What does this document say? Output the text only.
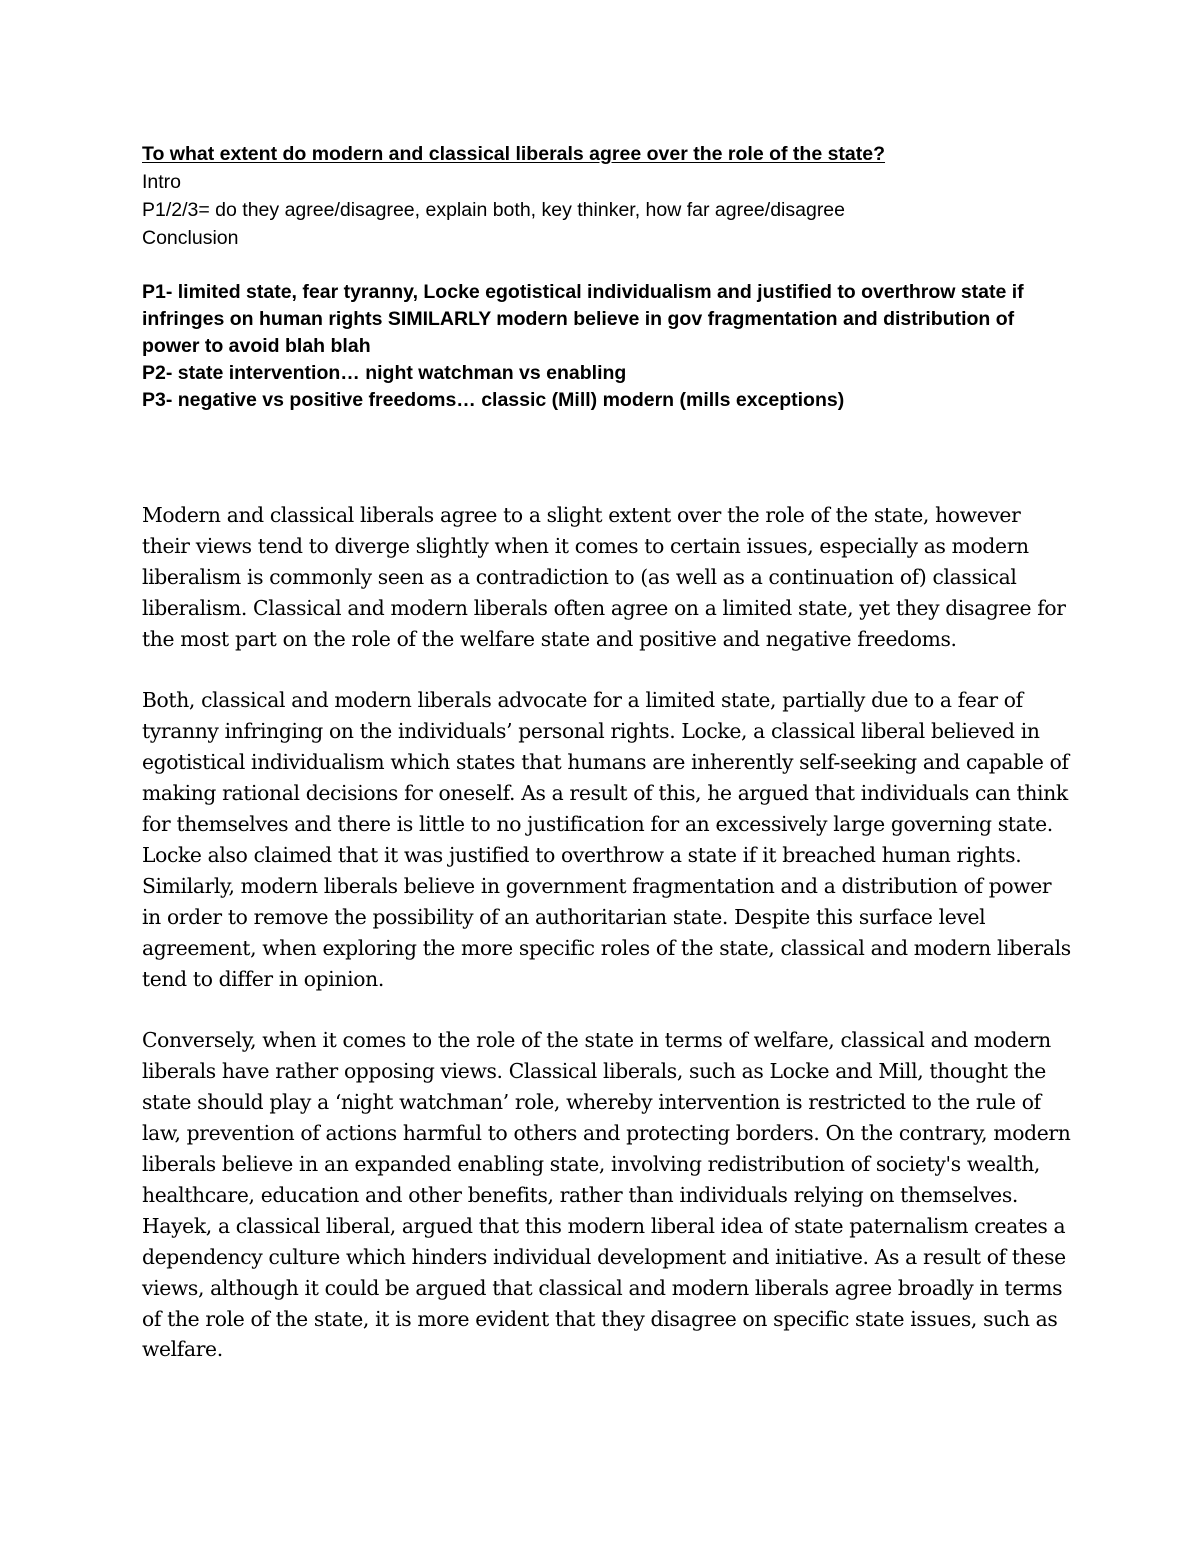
To what extent do modern and classical liberals agree over the role of the state?

Intro

P1/2/3= do they agree/disagree, explain both, key thinker, how far agree/disagree

Conclusion

P1- limited state, fear tyranny, Locke egotistical individualism and justified to overthrow state if infringes on human rights SIMILARLY modern believe in gov fragmentation and distribution of power to avoid blah blah

P2- state intervention… night watchman vs enabling

P3- negative vs positive freedoms… classic (Mill) modern (mills exceptions)

Modern and classical liberals agree to a slight extent over the role of the state, however their views tend to diverge slightly when it comes to certain issues, especially as modern liberalism is commonly seen as a contradiction to (as well as a continuation of) classical liberalism. Classical and modern liberals often agree on a limited state, yet they disagree for the most part on the role of the welfare state and positive and negative freedoms.

Both, classical and modern liberals advocate for a limited state, partially due to a fear of tyranny infringing on the individuals’ personal rights. Locke, a classical liberal believed in egotistical individualism which states that humans are inherently self-seeking and capable of making rational decisions for oneself. As a result of this, he argued that individuals can think for themselves and there is little to no justification for an excessively large governing state. Locke also claimed that it was justified to overthrow a state if it breached human rights. Similarly, modern liberals believe in government fragmentation and a distribution of power in order to remove the possibility of an authoritarian state. Despite this surface level agreement, when exploring the more specific roles of the state, classical and modern liberals tend to differ in opinion.

Conversely, when it comes to the role of the state in terms of welfare, classical and modern liberals have rather opposing views. Classical liberals, such as Locke and Mill, thought the state should play a ‘night watchman’ role, whereby intervention is restricted to the rule of law, prevention of actions harmful to others and protecting borders. On the contrary, modern liberals believe in an expanded enabling state, involving redistribution of society's wealth, healthcare, education and other benefits, rather than individuals relying on themselves. Hayek, a classical liberal, argued that this modern liberal idea of state paternalism creates a dependency culture which hinders individual development and initiative. As a result of these views, although it could be argued that classical and modern liberals agree broadly in terms of the role of the state, it is more evident that they disagree on specific state issues, such as welfare.
